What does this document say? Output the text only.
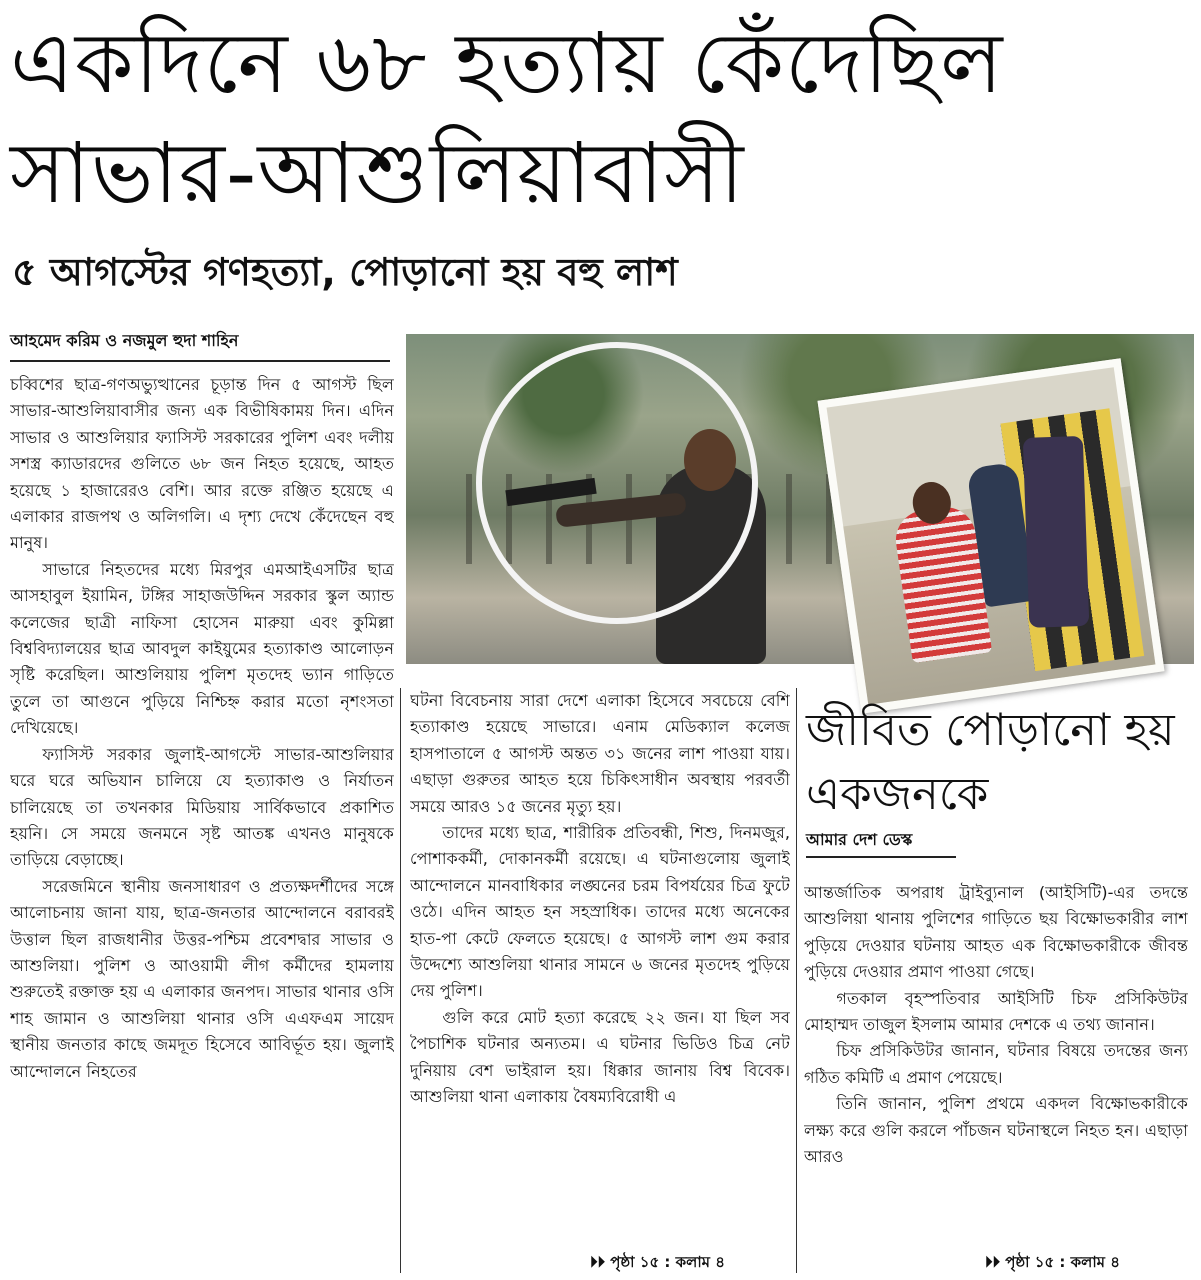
একদিনে ৬৮ হত্যায় কেঁদেছিল
সাভার-আশুলিয়াবাসী
৫ আগস্টের গণহত্যা, পোড়ানো হয় বহু লাশ
আহমেদ করিম ও নজমুল হুদা শাহিন

চব্বিশের ছাত্র-গণঅভ্যুত্থানের চূড়ান্ত দিন ৫ আগস্ট ছিল সাভার-আশুলিয়াবাসীর জন্য এক বিভীষিকাময় দিন। এদিন সাভার ও আশুলিয়ার ফ্যাসিস্ট সরকারের পুলিশ এবং দলীয় সশস্ত্র ক্যাডারদের গুলিতে ৬৮ জন নিহত হয়েছে, আহত হয়েছে ১ হাজারেরও বেশি। আর রক্তে রঞ্জিত হয়েছে এ এলাকার রাজপথ ও অলিগলি। এ দৃশ্য দেখে কেঁদেছেন বহু মানুষ।

সাভারে নিহতদের মধ্যে মিরপুর এমআইএসটির ছাত্র আসহাবুল ইয়ামিন, টঙ্গির সাহাজউদ্দিন সরকার স্কুল অ্যান্ড কলেজের ছাত্রী নাফিসা হোসেন মারুয়া এবং কুমিল্লা বিশ্ববিদ্যালয়ের ছাত্র আবদুল কাইয়ুমের হত্যাকাণ্ড আলোড়ন সৃষ্টি করেছিল। আশুলিয়ায় পুলিশ মৃতদেহ ভ্যান গাড়িতে তুলে তা আগুনে পুড়িয়ে নিশ্চিহ্ন করার মতো নৃশংসতা দেখিয়েছে।

ফ্যাসিস্ট সরকার জুলাই-আগস্টে সাভার-আশুলিয়ার ঘরে ঘরে অভিযান চালিয়ে যে হত্যাকাণ্ড ও নির্যাতন চালিয়েছে তা তখনকার মিডিয়ায় সার্বিকভাবে প্রকাশিত হয়নি। সে সময়ে জনমনে সৃষ্ট আতঙ্ক এখনও মানুষকে তাড়িয়ে বেড়াচ্ছে।

সরেজমিনে স্থানীয় জনসাধারণ ও প্রত্যক্ষদর্শীদের সঙ্গে আলোচনায় জানা যায়, ছাত্র-জনতার আন্দোলনে বরাবরই উত্তাল ছিল রাজধানীর উত্তর-পশ্চিম প্রবেশদ্বার সাভার ও আশুলিয়া। পুলিশ ও আওয়ামী লীগ কর্মীদের হামলায় শুরুতেই রক্তাক্ত হয় এ এলাকার জনপদ। সাভার থানার ওসি শাহ জামান ও আশুলিয়া থানার ওসি এএফএম সায়েদ স্থানীয় জনতার কাছে জমদূত হিসেবে আবির্ভূত হয়। জুলাই আন্দোলনে নিহতের

ঘটনা বিবেচনায় সারা দেশে এলাকা হিসেবে সবচেয়ে বেশি হত্যাকাণ্ড হয়েছে সাভারে। এনাম মেডিক্যাল কলেজ হাসপাতালে ৫ আগস্ট অন্তত ৩১ জনের লাশ পাওয়া যায়। এছাড়া গুরুতর আহত হয়ে চিকিৎসাধীন অবস্থায় পরবর্তী সময়ে আরও ১৫ জনের মৃত্যু হয়।

তাদের মধ্যে ছাত্র, শারীরিক প্রতিবন্ধী, শিশু, দিনমজুর, পোশাককর্মী, দোকানকর্মী রয়েছে। এ ঘটনাগুলোয় জুলাই আন্দোলনে মানবাধিকার লঙ্ঘনের চরম বিপর্যয়ের চিত্র ফুটে ওঠে। এদিন আহত হন সহস্রাধিক। তাদের মধ্যে অনেকের হাত-পা কেটে ফেলতে হয়েছে। ৫ আগস্ট লাশ গুম করার উদ্দেশ্যে আশুলিয়া থানার সামনে ৬ জনের মৃতদেহ পুড়িয়ে দেয় পুলিশ।

গুলি করে মোট হত্যা করেছে ২২ জন। যা ছিল সব পৈচাশিক ঘটনার অন্যতম। এ ঘটনার ভিডিও চিত্র নেট দুনিয়ায় বেশ ভাইরাল হয়। ধিক্কার জানায় বিশ্ব বিবেক। আশুলিয়া থানা এলাকায় বৈষম্যবিরোধী এ

⏵⏵ পৃষ্ঠা ১৫ : কলাম ৪
জীবিত পোড়ানো হয় একজনকে
আমার দেশ ডেস্ক

আন্তর্জাতিক অপরাধ ট্রাইব্যুনাল (আইসিটি)-এর তদন্তে আশুলিয়া থানায় পুলিশের গাড়িতে ছয় বিক্ষোভকারীর লাশ পুড়িয়ে দেওয়ার ঘটনায় আহত এক বিক্ষোভকারীকে জীবন্ত পুড়িয়ে দেওয়ার প্রমাণ পাওয়া গেছে।

গতকাল বৃহস্পতিবার আইসিটি চিফ প্রসিকিউটর মোহাম্মদ তাজুল ইসলাম আমার দেশকে এ তথ্য জানান।

চিফ প্রসিকিউটর জানান, ঘটনার বিষয়ে তদন্তের জন্য গঠিত কমিটি এ প্রমাণ পেয়েছে।

তিনি জানান, পুলিশ প্রথমে একদল বিক্ষোভকারীকে লক্ষ্য করে গুলি করলে পাঁচজন ঘটনাস্থলে নিহত হন। এছাড়া আরও

⏵⏵ পৃষ্ঠা ১৫ : কলাম ৪
